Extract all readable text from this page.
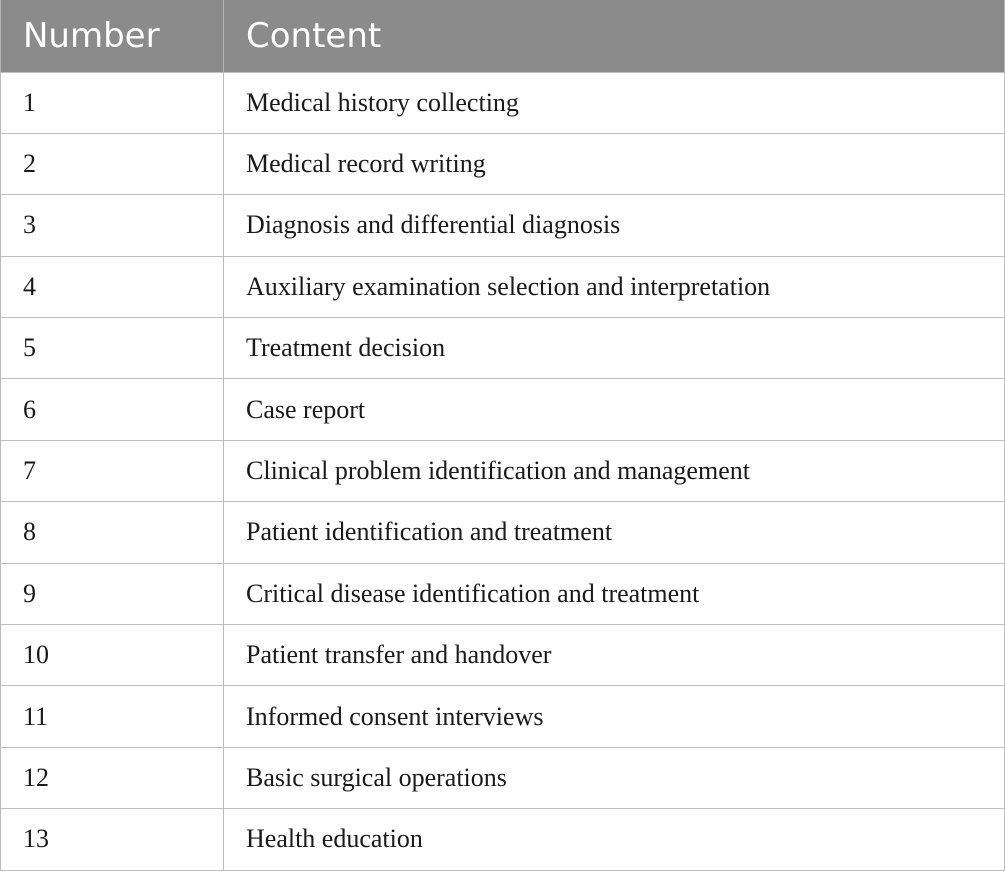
Number	Content
1	Medical history collecting
2	Medical record writing
3	Diagnosis and differential diagnosis
4	Auxiliary examination selection and interpretation
5	Treatment decision
6	Case report
7	Clinical problem identification and management
8	Patient identification and treatment
9	Critical disease identification and treatment
10	Patient transfer and handover
11	Informed consent interviews
12	Basic surgical operations
13	Health education
